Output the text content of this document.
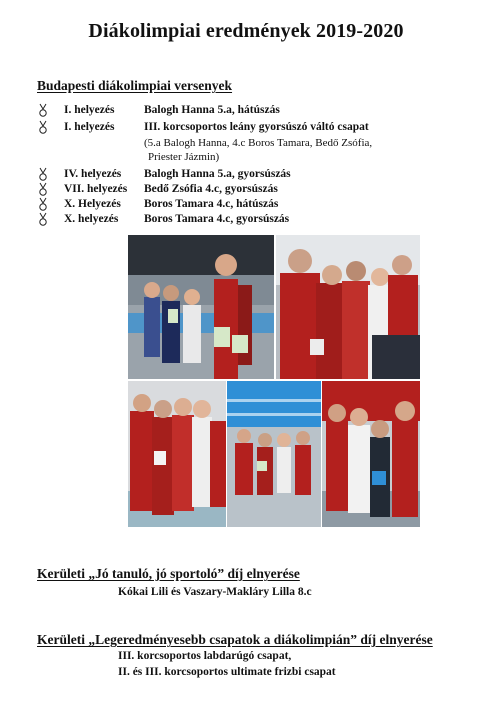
Diákolimpiai eredmények 2019-2020
Budapesti diákolimpiai versenyek
I. helyezés	Balogh Hanna 5.a, hátúszás
I. helyezés	III. korcsoportos leány gyorsúszó váltó csapat
(5.a Balogh Hanna, 4.c Boros Tamara, Bedő Zsófia,
Priester Jázmin)
IV. helyezés Balogh Hanna 5.a, gyorsúszás
VII. helyezés Bedő Zsófia 4.c, gyorsúszás
X. Helyezés Boros Tamara 4.c, hátúszás
X. helyezés Boros Tamara 4.c, gyorsúszás
Kerületi „Jó tanuló, jó sportoló” díj elnyerése
Kókai Lili és Vaszary-Makláry Lilla 8.c
Kerületi „Legeredményesebb csapatok a diákolimpián” díj elnyerése
III. korcsoportos labdarúgó csapat,
II. és III. korcsoportos ultimate frizbi csapat
